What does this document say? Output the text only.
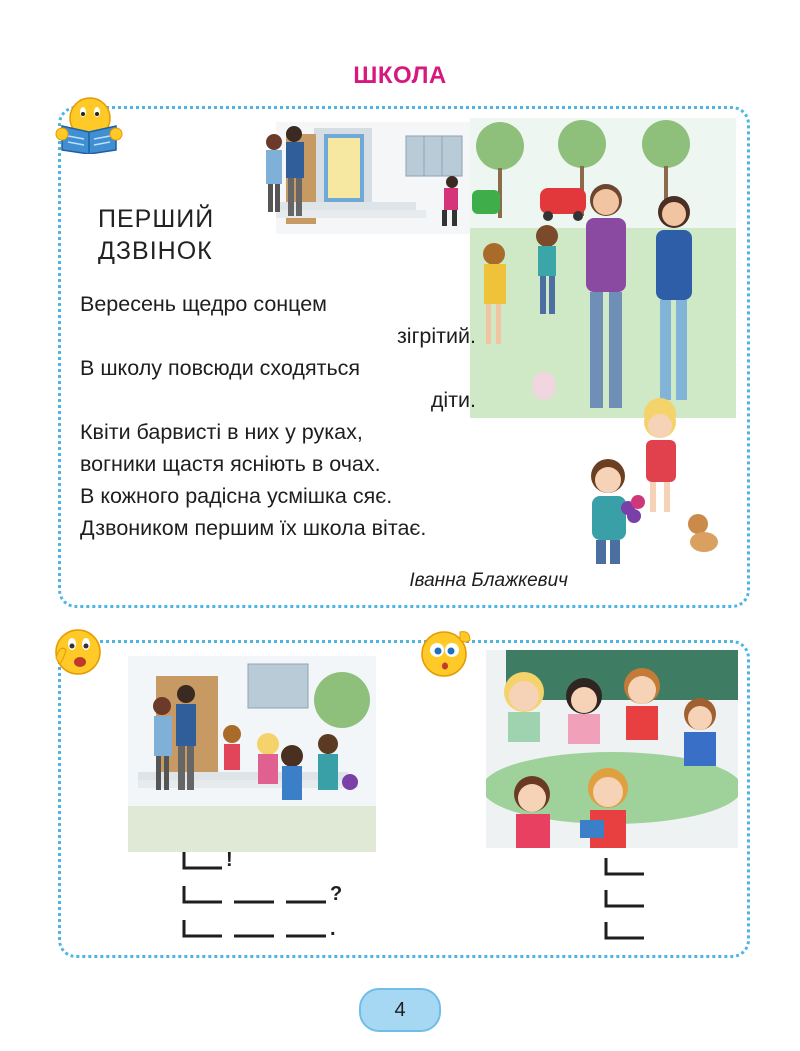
ШКОЛА
ПЕРШИЙ
ДЗВІНОК
Вересень щедро сонцем
зігрітий.
В школу повсюди сходяться
діти.
Квіти барвисті в них у руках,
вогники щастя ясніють в очах.
В кожного радісна усмішка сяє.
Дзвоником першим їх школа вітає.
Іванна Блажкевич
!
?
.
4
